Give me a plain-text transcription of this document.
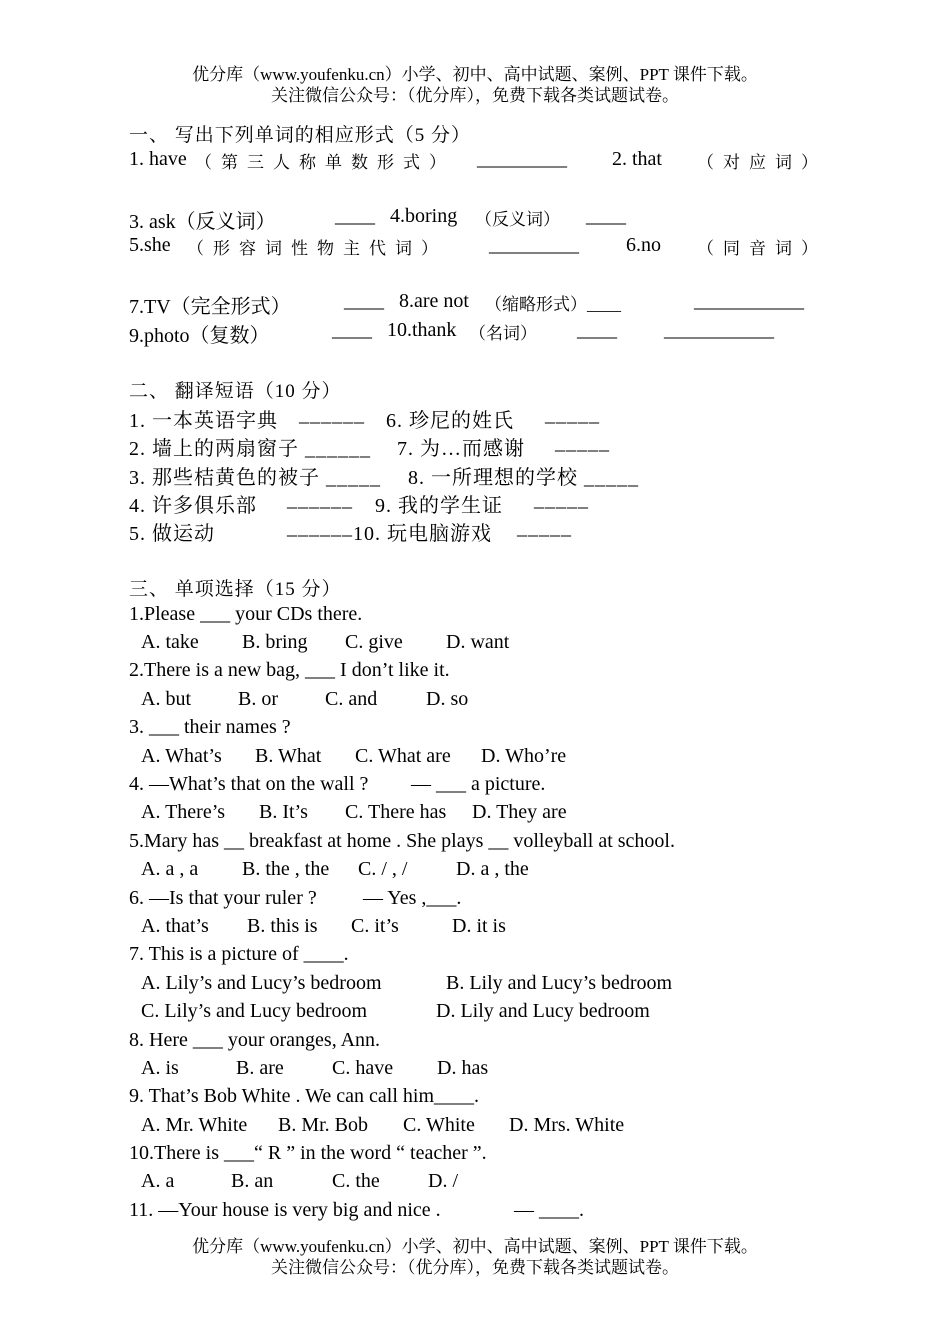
优分库（www.youfenku.cn）小学、初中、高中试题、案例、PPT 课件下载。
关注微信公众号：（优分库），免费下载各类试题试卷。
一、 写出下列单词的相应形式（5 分）
1. have （第三人称单数形式） _________ 2. that （对应词）
3. ask（反义词）	____ 4.boring （反义词） ____
5.she （形容词性物主代词） _________ 6.no （同音词）
7.TV（完全形式）	____ 8.are not （缩略形式）____	___________
9.photo（复数）	____ 10.thank （名词） ____ ___________
二、 翻译短语（10 分）
1. 一本英语字典 ______ 6. 珍尼的姓氏 _____
2. 墙上的两扇窗子 ______ 7. 为…而感谢 _____
3. 那些桔黄色的被子 _____ 8. 一所理想的学校 _____
4. 许多俱乐部 ______ 9. 我的学生证 _____
5. 做运动	______ 10. 玩电脑游戏 _____
三、 单项选择（15 分）
1.Please ___ your CDs there.
A. take B. bring C. give D. want
2.There is a new bag, ___ I don’t like it.
A. but B. or C. and D. so
3. ___ their names ?
A. What’s B. What C. What are D. Who’re
4. ―What’s that on the wall ? ― ___ a picture.
A. There’s B. It’s C. There has D. They are
5.Mary has __ breakfast at home . She plays __ volleyball at school.
A. a , a B. the , the C. / , / D. a , the
6. ―Is that your ruler ? ― Yes ,___.
A. that’s B. this is C. it’s	D. it is
7. This is a picture of ____.
A. Lily’s and Lucy’s bedroom	B. Lily and Lucy’s bedroom
C. Lily’s and Lucy bedroom	D. Lily and Lucy bedroom
8. Here ___ your oranges, Ann.
A. is	B. are C. have D. has
9. That’s Bob White . We can call him____.
A. Mr. White B. Mr. Bob C. White D. Mrs. White
10.There is ___“ R ” in the word “ teacher ”.
A. a	B. an	C. the D. /
11. ―Your house is very big and nice .	― ____.
优分库（www.youfenku.cn）小学、初中、高中试题、案例、PPT 课件下载。
关注微信公众号：（优分库），免费下载各类试题试卷。
